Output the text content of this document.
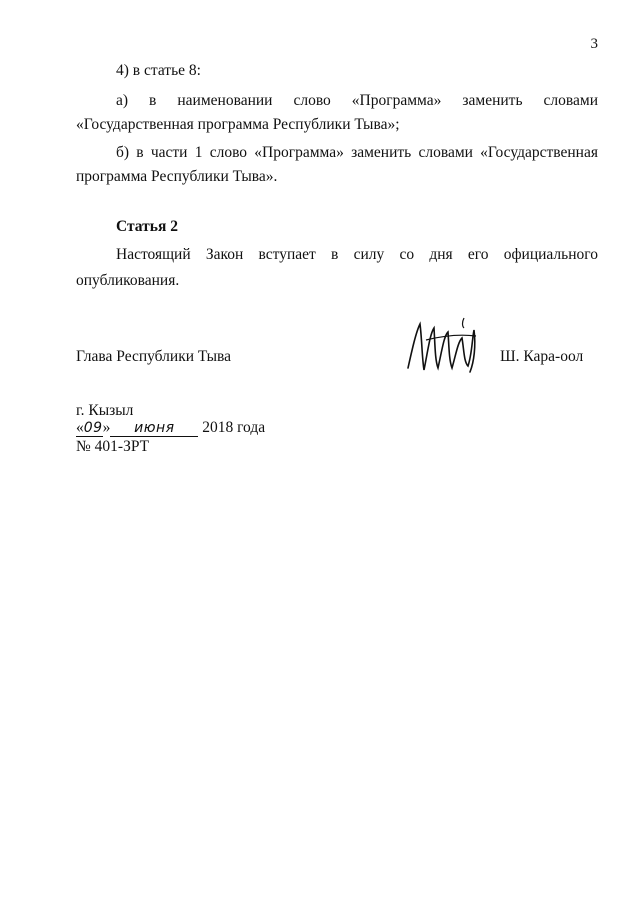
3
4) в статье 8:
а) в наименовании слово «Программа» заменить словами
«Государственная программа Республики Тыва»;
б) в части 1 слово «Программа» заменить словами «Государственная
программа Республики Тыва».
Статья 2
Настоящий Закон вступает в силу со дня его официального
опубликования.
Глава Республики Тыва	Ш. Кара-оол
г. Кызыл
«09» июня 2018 года
№ 401-ЗРТ
